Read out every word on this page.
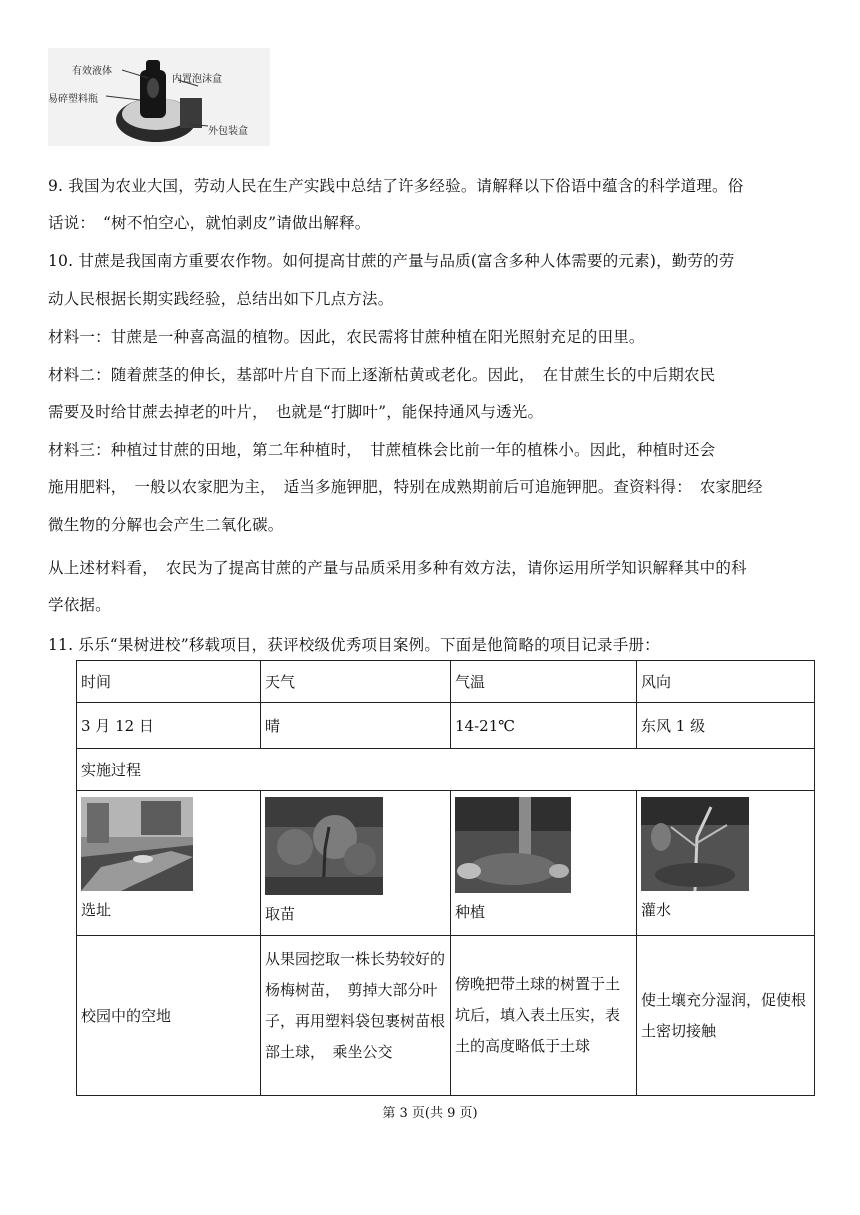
有效液体
易碎塑料瓶
内置泡沫盒
外包装盒
9. 我国为农业大国，劳动人民在生产实践中总结了许多经验。请解释以下俗语中蕴含的科学道理。俗
话说：　“树不怕空心，就怕剥皮”请做出解释。
10. 甘蔗是我国南方重要农作物。如何提高甘蔗的产量与品质(富含多种人体需要的元素)，勤劳的劳
动人民根据长期实践经验，总结出如下几点方法。
材料一：甘蔗是一种喜高温的植物。因此，农民需将甘蔗种植在阳光照射充足的田里。
材料二：随着蔗茎的伸长，基部叶片自下而上逐渐枯黄或老化。因此，　在甘蔗生长的中后期农民
需要及时给甘蔗去掉老的叶片，　也就是“打脚叶”，能保持通风与透光。
材料三：种植过甘蔗的田地，第二年种植时，　甘蔗植株会比前一年的植株小。因此，种植时还会
施用肥料，　一般以农家肥为主，　适当多施钾肥，特别在成熟期前后可追施钾肥。查资料得：　农家肥经
微生物的分解也会产生二氧化碳。
从上述材料看，　农民为了提高甘蔗的产量与品质采用多种有效方法，请你运用所学知识解释其中的科
学依据。
11. 乐乐“果树进校”移载项目，获评校级优秀项目案例。下面是他简略的项目记录手册：
时间	天气	气温	风向
3 月 12 日	晴	14-21℃	东风 1 级
实施过程			

选址	取苗	种植	灌水

校园中的空地	从果园挖取一株长势较好的杨梅树苗，　剪掉大部分叶子，再用塑料袋包裹树苗根部土球，　乘坐公交	傍晚把带土球的树置于土坑后，填入表土压实，表土的高度略低于土球	使土壤充分湿润，促使根土密切接触
第 3 页(共 9 页)
